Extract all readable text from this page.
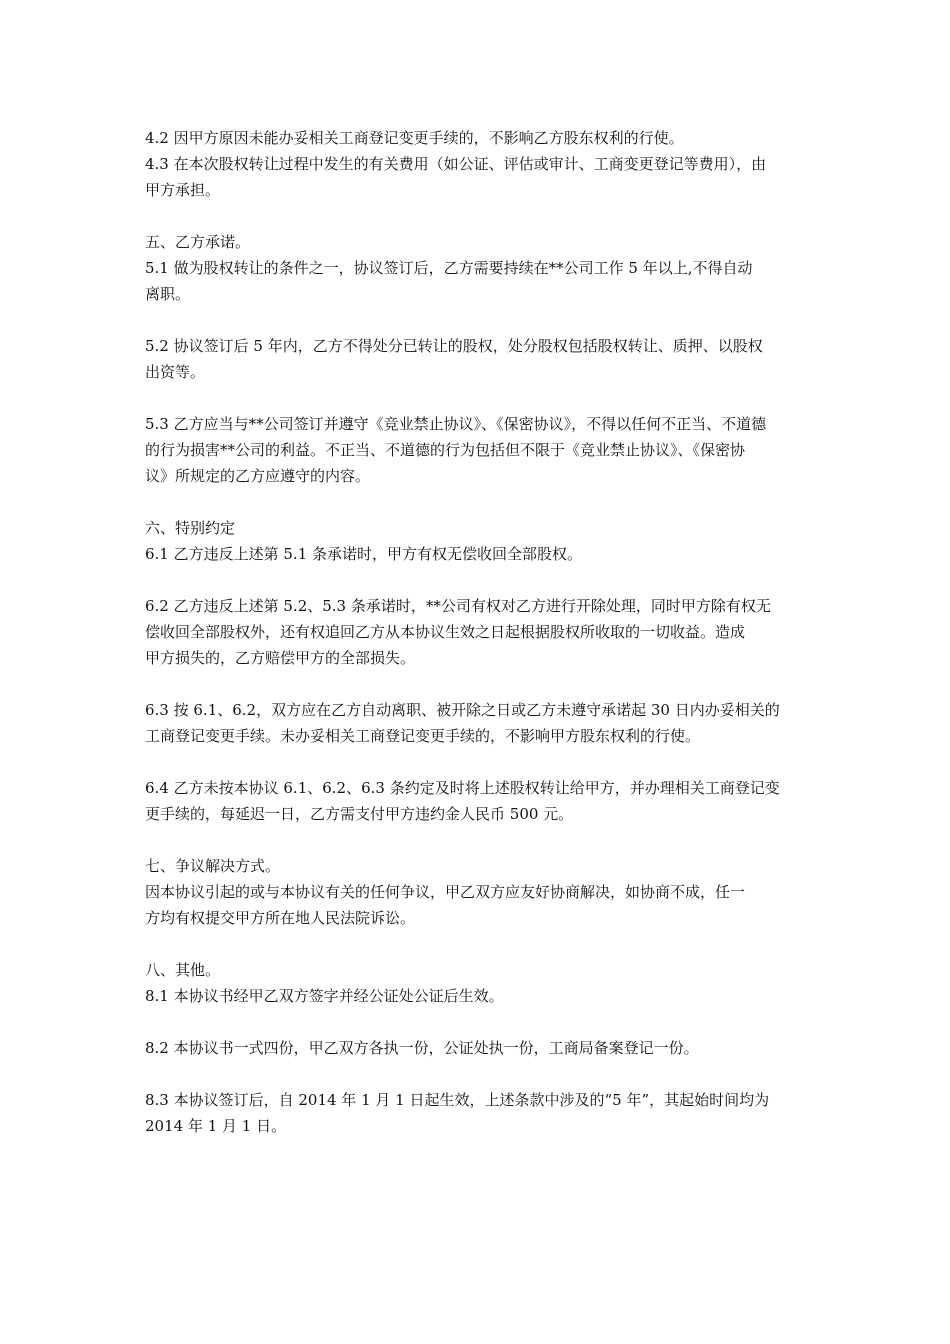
4.2 因甲方原因未能办妥相关工商登记变更手续的，不影响乙方股东权利的行使。
4.3 在本次股权转让过程中发生的有关费用（如公证、评估或审计、工商变更登记等费用），由
甲方承担。
五、乙方承诺。
5.1 做为股权转让的条件之一，协议签订后，乙方需要持续在**公司工作 5 年以上,不得自动
离职。
5.2 协议签订后 5 年内，乙方不得处分已转让的股权，处分股权包括股权转让、质押、以股权
出资等。
5.3 乙方应当与**公司签订并遵守《竞业禁止协议》、《保密协议》，不得以任何不正当、不道德
的行为损害**公司的利益。不正当、不道德的行为包括但不限于《竞业禁止协议》、《保密协
议》所规定的乙方应遵守的内容。
六、特别约定
6.1 乙方违反上述第 5.1 条承诺时，甲方有权无偿收回全部股权。
6.2 乙方违反上述第 5.2、5.3 条承诺时，**公司有权对乙方进行开除处理，同时甲方除有权无
偿收回全部股权外，还有权追回乙方从本协议生效之日起根据股权所收取的一切收益。造成
甲方损失的，乙方赔偿甲方的全部损失。
6.3 按 6.1、6.2，双方应在乙方自动离职、被开除之日或乙方未遵守承诺起 30 日内办妥相关的
工商登记变更手续。未办妥相关工商登记变更手续的，不影响甲方股东权利的行使。
6.4 乙方未按本协议 6.1、6.2、6.3 条约定及时将上述股权转让给甲方，并办理相关工商登记变
更手续的，每延迟一日，乙方需支付甲方违约金人民币 500 元。
七、争议解决方式。
因本协议引起的或与本协议有关的任何争议，甲乙双方应友好协商解决，如协商不成，任一
方均有权提交甲方所在地人民法院诉讼。
八、其他。
8.1 本协议书经甲乙双方签字并经公证处公证后生效。
8.2 本协议书一式四份，甲乙双方各执一份，公证处执一份，工商局备案登记一份。
8.3 本协议签订后，自 2014 年 1 月 1 日起生效，上述条款中涉及的“5 年”，其起始时间均为
2014 年 1 月 1 日。
